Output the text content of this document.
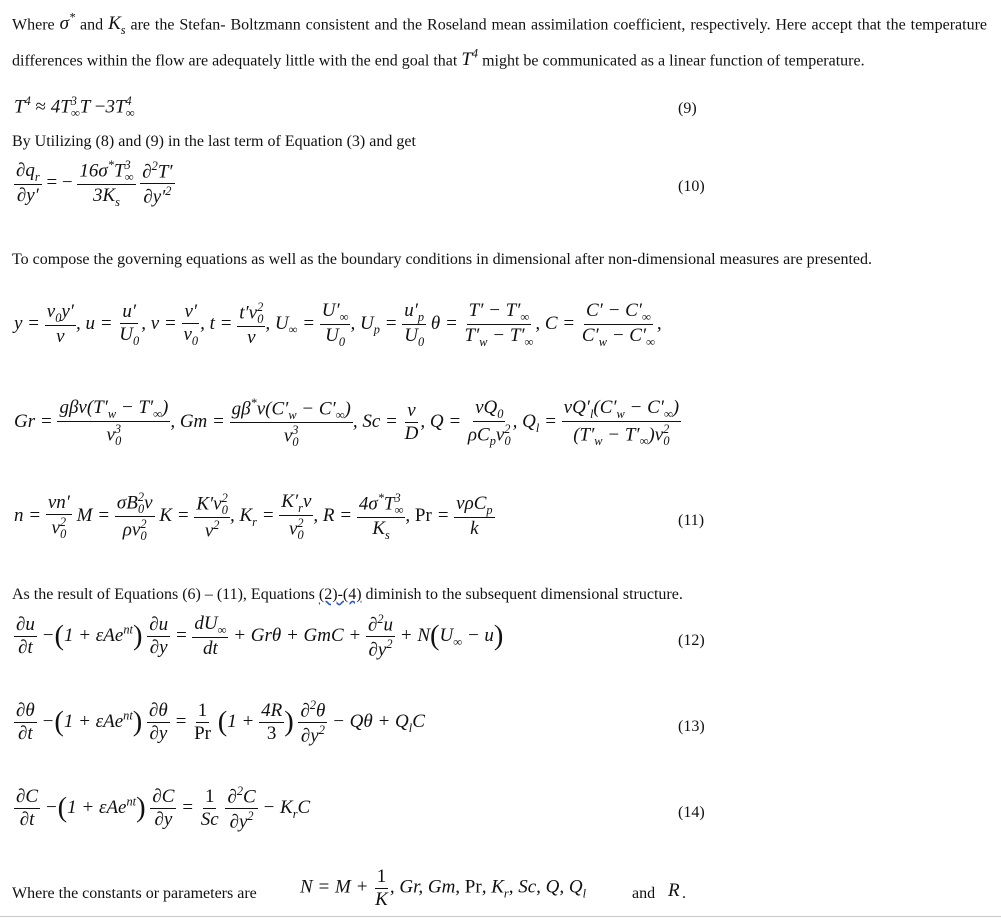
Where σ* and $K_s$ are the Stefan- Boltzmann consistent and the Roseland mean assimilation coefficient, respectively. Here accept that the temperature differences within the flow are adequately little with the end goal that $T^4$ might be communicated as a linear function of temperature.
$T^4 \approx 4T^3_\infty T -3T^4_\infty$	(9)
By Utilizing (8) and (9) in the last term of Equation (3) and get
$\frac{\partial q_r}{\partial y'}$ = − $\frac{16\sigma^*T^3_\infty}{3K_s}$
$\frac{\partial^2T'}{\partial y'^2}$	(10)
To compose the governing equations as well as the boundary conditions in dimensional after non-dimensional measures are presented.
$y = \frac{v_0y'}{\nu}$ , $u = \frac{u'}{U_0}$ , $v = \frac{v'}{v_0}$ , $t = \frac{t'v^2_0}{\nu}$ , $U_\infty = \frac{U'_\infty}{U_0}$ , $U_p = \frac{u'_p}{U_0}$ $\theta = \frac{T' - T'_\infty}{T'_w - T'_\infty}$ , $C = \frac{C' - C'_\infty}{C'_w - C'_\infty}$ ,
$Gr = \frac{g\beta\nu(T'_w - T'_\infty)}{v^3_0}$ , $Gm = \frac{g\beta^*\nu(C'_w - C'_\infty)}{v^3_0}$ , $Sc = \frac{\nu}{D}$ , $Q = \frac{\nu Q_0}{\rho C_pv^2_0}$ , $Q_l = \frac{\nu Q'_l(C'_w - C'_\infty)}{(T'_w - T'_\infty)v^2_0}$
$n = \frac{\nu n'}{v^2_0}$ $M = \frac{\sigma B^2_0\nu}{\rho v^2_0}$ $K = \frac{K'v^2_0}{\nu^2}$ , $K_r = \frac{K'_r\nu}{v^2_0}$ , $R = \frac{4\sigma^*T^3_\infty}{K_s}$ , $Pr = \frac{\nu\rho C_p}{k}$	(11)
As the result of Equations (6) – (11), Equations (2)-(4) diminish to the subsequent dimensional structure.
$\frac{\partial u}{\partial t} -(1 + \varepsilon Ae^{nt}) \frac{\partial u}{\partial y} = \frac{dU_\infty}{dt} + Gr\theta$ + GmC + $\frac{\partial^2u}{\partial y^2} + N(U_\infty - u)$	(12)
$\frac{\partial\theta}{\partial t} -(1 + \varepsilon Ae^{nt}) \frac{\partial\theta}{\partial y} = \frac{1}{Pr} (1 + \frac{4R}{3}$ ) $\frac{\partial^2\theta}{\partial y^2} - Q\theta + Q_lC$	(13)
$\frac{\partial C}{\partial t} -(1 + \varepsilon Ae^{nt}) \frac{\partial C}{\partial y} = \frac{1}{Sc}$
$\frac{\partial^2C}{\partial y^2} - K_rC$	(14)
Where the constants or parameters are $N = M + \frac{1}{K}$ , Gr, Gm, Pr, $K_r$, Sc, Q, $Q_l$	and R .
